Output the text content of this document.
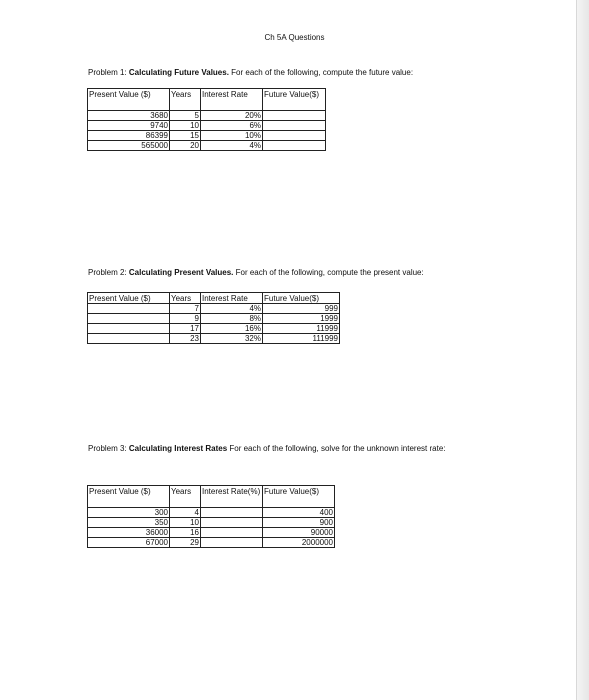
Ch 5A Questions
Problem 1: Calculating Future Values. For each of the following, compute the future value:
Present Value ($)	Years	Interest Rate	Future Value($)
3680	5	20%	
9740	10	6%	
86399	15	10%	
565000	20	4%	
Problem 2: Calculating Present Values. For each of the following, compute the present value:
Present Value ($)	Years	Interest Rate	Future Value($)
	7	4%	999
	9	8%	1999
	17	16%	11999
	23	32%	111999
Problem 3: Calculating Interest Rates For each of the following, solve for the unknown interest rate:
Present Value ($)	Years	Interest Rate(%)	Future Value($)
300	4		400
350	10		900
36000	16		90000
67000	29		2000000
